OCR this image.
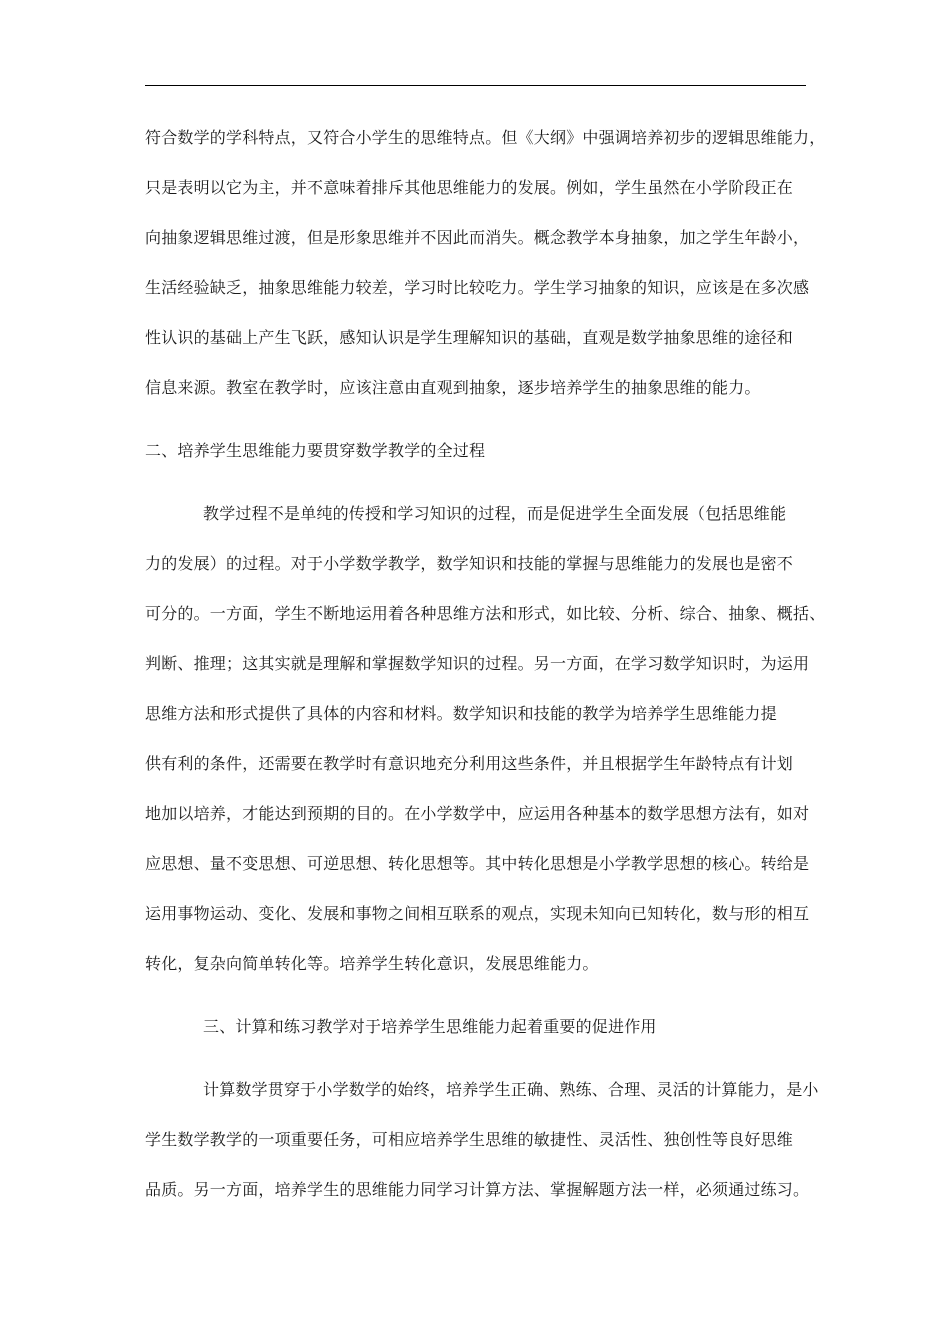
符合数学的学科特点，又符合小学生的思维特点。但《大纲》中强调培养初步的逻辑思维能力，
只是表明以它为主，并不意味着排斥其他思维能力的发展。例如，学生虽然在小学阶段正在
向抽象逻辑思维过渡，但是形象思维并不因此而消失。概念教学本身抽象，加之学生年龄小，
生活经验缺乏，抽象思维能力较差，学习时比较吃力。学生学习抽象的知识，应该是在多次感
性认识的基础上产生飞跃，感知认识是学生理解知识的基础，直观是数学抽象思维的途径和
信息来源。教室在教学时，应该注意由直观到抽象，逐步培养学生的抽象思维的能力。
二、培养学生思维能力要贯穿数学教学的全过程
教学过程不是单纯的传授和学习知识的过程，而是促进学生全面发展（包括思维能
力的发展）的过程。对于小学数学教学，数学知识和技能的掌握与思维能力的发展也是密不
可分的。一方面，学生不断地运用着各种思维方法和形式，如比较、分析、综合、抽象、概括、
判断、推理；这其实就是理解和掌握数学知识的过程。另一方面，在学习数学知识时，为运用
思维方法和形式提供了具体的内容和材料。数学知识和技能的教学为培养学生思维能力提
供有利的条件，还需要在教学时有意识地充分利用这些条件，并且根据学生年龄特点有计划
地加以培养，才能达到预期的目的。在小学数学中，应运用各种基本的数学思想方法有，如对
应思想、量不变思想、可逆思想、转化思想等。其中转化思想是小学教学思想的核心。转给是
运用事物运动、变化、发展和事物之间相互联系的观点，实现未知向已知转化，数与形的相互
转化，复杂向简单转化等。培养学生转化意识，发展思维能力。
三、计算和练习教学对于培养学生思维能力起着重要的促进作用
计算数学贯穿于小学数学的始终，培养学生正确、熟练、合理、灵活的计算能力，是小
学生数学教学的一项重要任务，可相应培养学生思维的敏捷性、灵活性、独创性等良好思维
品质。另一方面，培养学生的思维能力同学习计算方法、掌握解题方法一样，必须通过练习。
